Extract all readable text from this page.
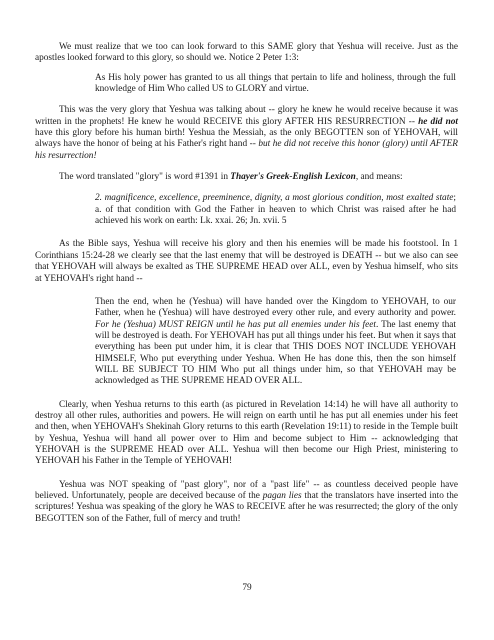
We must realize that we too can look forward to this SAME glory that Yeshua will receive. Just as the apostles looked forward to this glory, so should we. Notice 2 Peter 1:3:

As His holy power has granted to us all things that pertain to life and holiness, through the full knowledge of Him Who called US to GLORY and virtue.

This was the very glory that Yeshua was talking about -- glory he knew he would receive because it was written in the prophets! He knew he would RECEIVE this glory AFTER HIS RESURRECTION -- he did not have this glory before his human birth! Yeshua the Messiah, as the only BEGOTTEN son of YEHOVAH, will always have the honor of being at his Father's right hand -- but he did not receive this honor (glory) until AFTER his resurrection!

The word translated "glory" is word #1391 in Thayer's Greek-English Lexicon, and means:

2. magnificence, excellence, preeminence, dignity, a most glorious condition, most exalted state; a. of that condition with God the Father in heaven to which Christ was raised after he had achieved his work on earth: Lk. xxai. 26; Jn. xvii. 5

As the Bible says, Yeshua will receive his glory and then his enemies will be made his footstool. In 1 Corinthians 15:24-28 we clearly see that the last enemy that will be destroyed is DEATH -- but we also can see that YEHOVAH will always be exalted as THE SUPREME HEAD over ALL, even by Yeshua himself, who sits at YEHOVAH's right hand --

Then the end, when he (Yeshua) will have handed over the Kingdom to YEHOVAH, to our Father, when he (Yeshua) will have destroyed every other rule, and every authority and power. For he (Yeshua) MUST REIGN until he has put all enemies under his feet. The last enemy that will be destroyed is death. For YEHOVAH has put all things under his feet. But when it says that everything has been put under him, it is clear that THIS DOES NOT INCLUDE YEHOVAH HIMSELF, Who put everything under Yeshua. When He has done this, then the son himself WILL BE SUBJECT TO HIM Who put all things under him, so that YEHOVAH may be acknowledged as THE SUPREME HEAD OVER ALL.

Clearly, when Yeshua returns to this earth (as pictured in Revelation 14:14) he will have all authority to destroy all other rules, authorities and powers. He will reign on earth until he has put all enemies under his feet and then, when YEHOVAH's Shekinah Glory returns to this earth (Revelation 19:11) to reside in the Temple built by Yeshua, Yeshua will hand all power over to Him and become subject to Him -- acknowledging that YEHOVAH is the SUPREME HEAD over ALL. Yeshua will then become our High Priest, ministering to YEHOVAH his Father in the Temple of YEHOVAH!

Yeshua was NOT speaking of "past glory", nor of a "past life" -- as countless deceived people have believed. Unfortunately, people are deceived because of the pagan lies that the translators have inserted into the scriptures! Yeshua was speaking of the glory he WAS to RECEIVE after he was resurrected; the glory of the only BEGOTTEN son of the Father, full of mercy and truth!

79
